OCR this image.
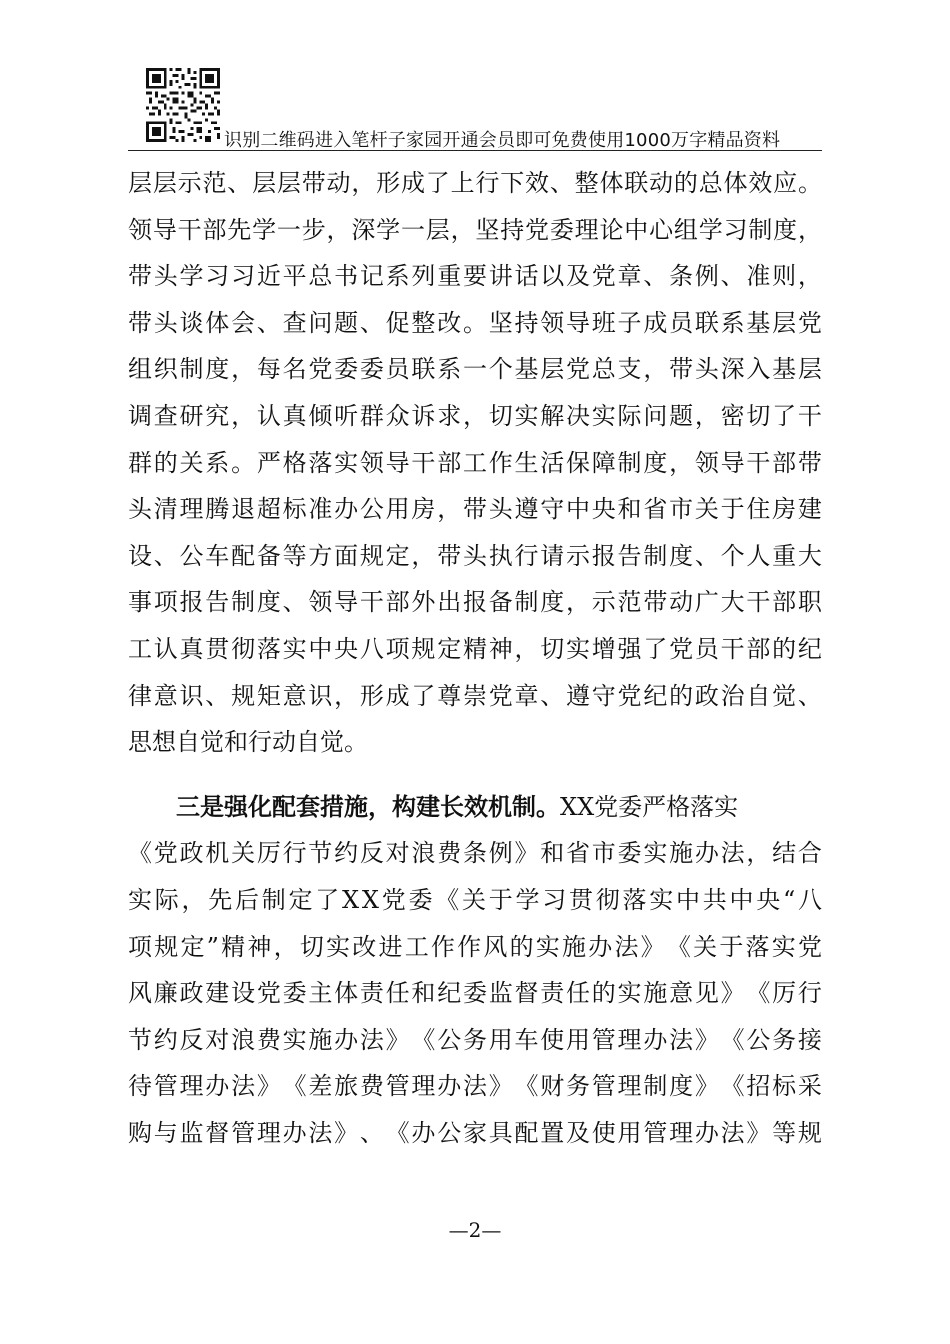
识别二维码进入笔杆子家园开通会员即可免费使用1000万字精品资料
层 层 示 范 、 层 层 带 动 ， 形 成 了 上 行 下 效 、 整 体 联 动 的 总 体 效 应 。
领 导 干 部 先 学 一 步 ， 深 学 一 层 ， 坚 持 党 委 理 论 中 心 组 学 习 制 度 ，
带 头 学 习 习 近 平 总 书 记 系 列 重 要 讲 话 以 及 党 章 、 条 例 、 准 则 ，
带 头 谈 体 会 、 查 问 题 、 促 整 改 。 坚 持 领 导 班 子 成 员 联 系 基 层 党
组 织 制 度 ， 每 名 党 委 委 员 联 系 一 个 基 层 党 总 支 ， 带 头 深 入 基 层
调 查 研 究 ， 认 真 倾 听 群 众 诉 求 ， 切 实 解 决 实 际 问 题 ， 密 切 了 干
群 的 关 系 。 严 格 落 实 领 导 干 部 工 作 生 活 保 障 制 度 ， 领 导 干 部 带
头 清 理 腾 退 超 标 准 办 公 用 房 ， 带 头 遵 守 中 央 和 省 市 关 于 住 房 建
设 、 公 车 配 备 等 方 面 规 定 ， 带 头 执 行 请 示 报 告 制 度 、 个 人 重 大
事 项 报 告 制 度 、 领 导 干 部 外 出 报 备 制 度 ， 示 范 带 动 广 大 干 部 职
工 认 真 贯 彻 落 实 中 央 八 项 规 定 精 神 ， 切 实 增 强 了 党 员 干 部 的 纪
律 意 识 、 规 矩 意 识 ， 形 成 了 尊 崇 党 章 、 遵 守 党 纪 的 政 治 自 觉 、
思想自觉和行动自觉。
三是强化配套措施，构建长效机制。 XX党委严格落实
《 党 政 机 关 厉 行 节 约 反 对 浪 费 条 例 》 和 省 市 委 实 施 办 法 ， 结 合
实 际 ， 先 后 制 定 了 X X 党 委 《 关 于 学 习 贯 彻 落 实 中 共 中 央 “ 八
项 规 定 ” 精 神 ， 切 实 改 进 工 作 作 风 的 实 施 办 法 》 《 关 于 落 实 党
风 廉 政 建 设 党 委 主 体 责 任 和 纪 委 监 督 责 任 的 实 施 意 见 》 《 厉 行
节 约 反 对 浪 费 实 施 办 法 》 《 公 务 用 车 使 用 管 理 办 法 》 《 公 务 接
待 管 理 办 法 》 《 差 旅 费 管 理 办 法 》 《 财 务 管 理 制 度 》 《 招 标 采
购 与 监 督 管 理 办 法 》 、 《 办 公 家 具 配 置 及 使 用 管 理 办 法 》 等 规
—2—
